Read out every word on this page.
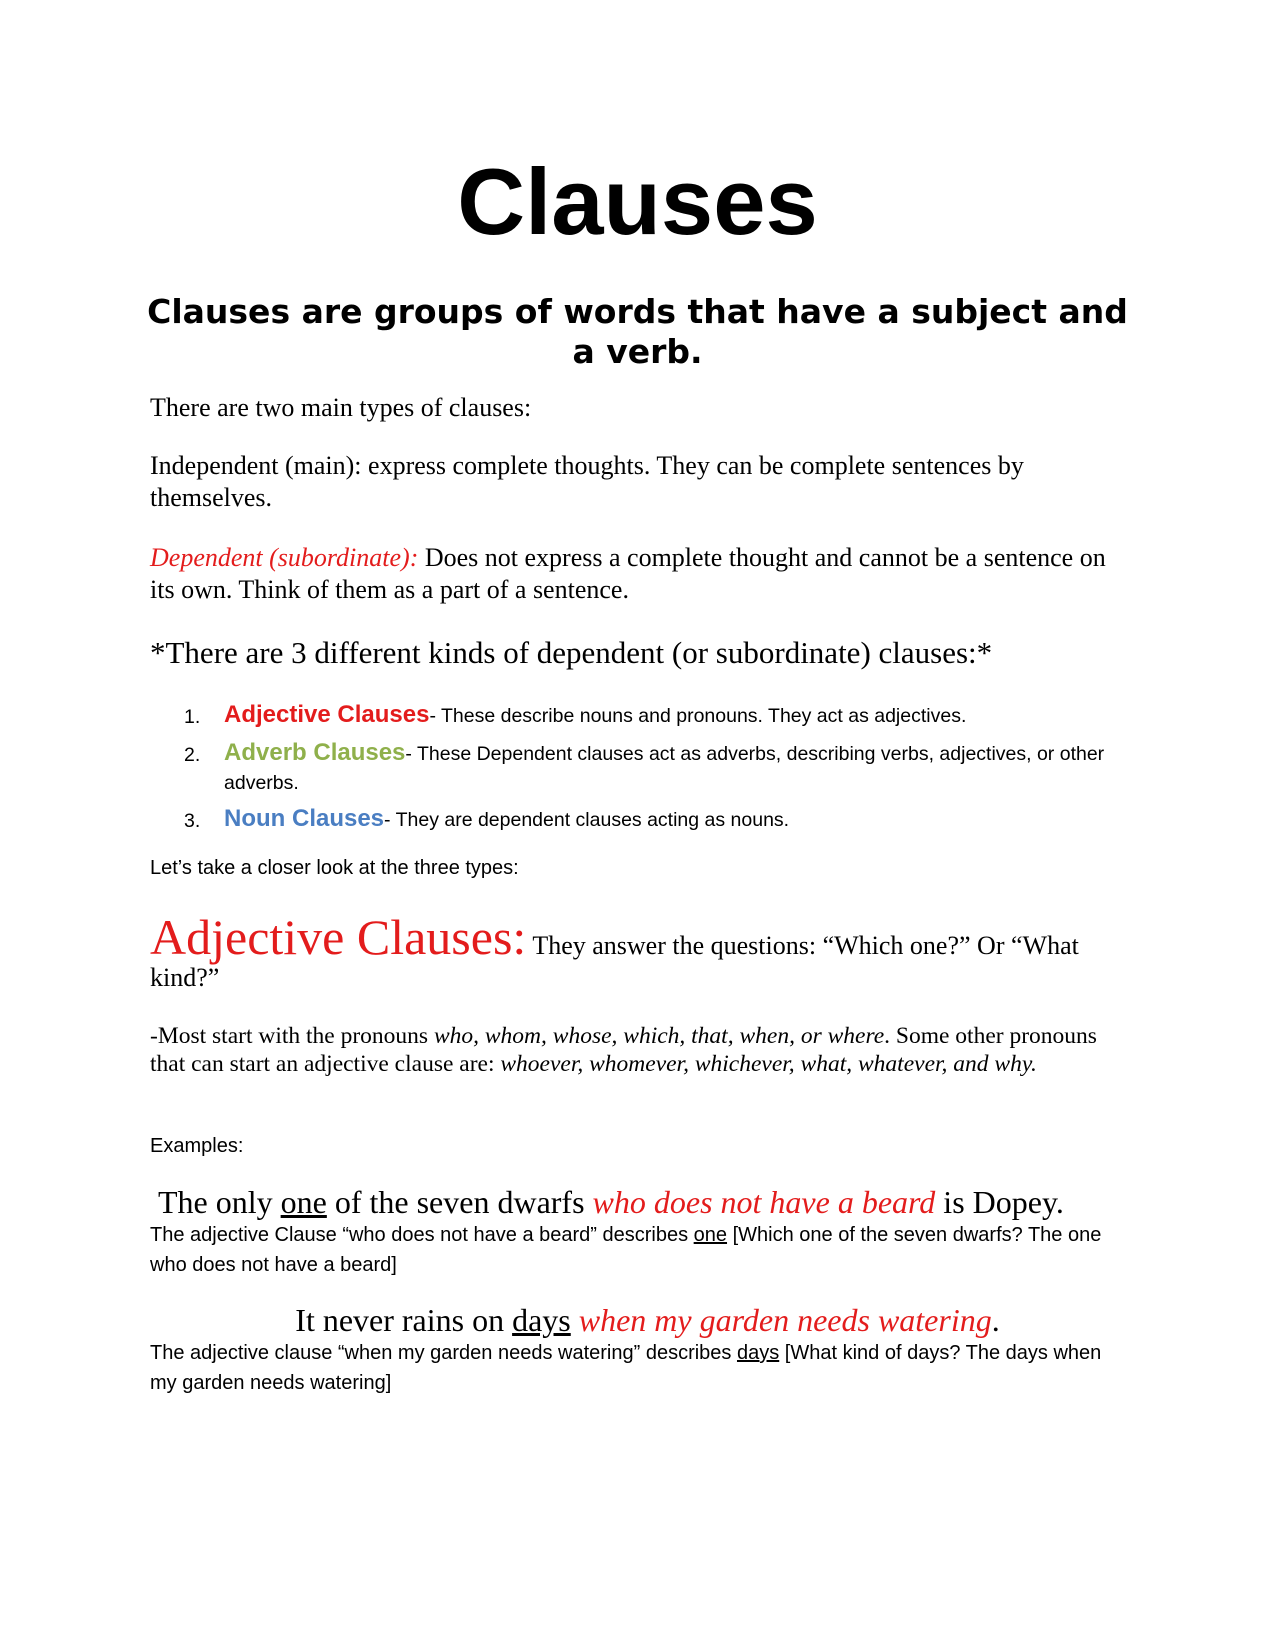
Clauses
Clauses are groups of words that have a subject and a verb.
There are two main types of clauses:
Independent (main): express complete thoughts. They can be complete sentences by themselves.
Dependent (subordinate): Does not express a complete thought and cannot be a sentence on its own. Think of them as a part of a sentence.
*There are 3 different kinds of dependent (or subordinate) clauses:*
1. Adjective Clauses- These describe nouns and pronouns. They act as adjectives.
2. Adverb Clauses- These Dependent clauses act as adverbs, describing verbs, adjectives, or other adverbs.
3. Noun Clauses- They are dependent clauses acting as nouns.
Let’s take a closer look at the three types:
Adjective Clauses: They answer the questions: “Which one?” Or “What kind?”
-Most start with the pronouns who, whom, whose, which, that, when, or where. Some other pronouns that can start an adjective clause are: whoever, whomever, whichever, what, whatever, and why.
Examples:
The only one of the seven dwarfs who does not have a beard is Dopey.
The adjective Clause “who does not have a beard” describes one [Which one of the seven dwarfs? The one who does not have a beard]
It never rains on days when my garden needs watering.
The adjective clause “when my garden needs watering” describes days [What kind of days? The days when my garden needs watering]
